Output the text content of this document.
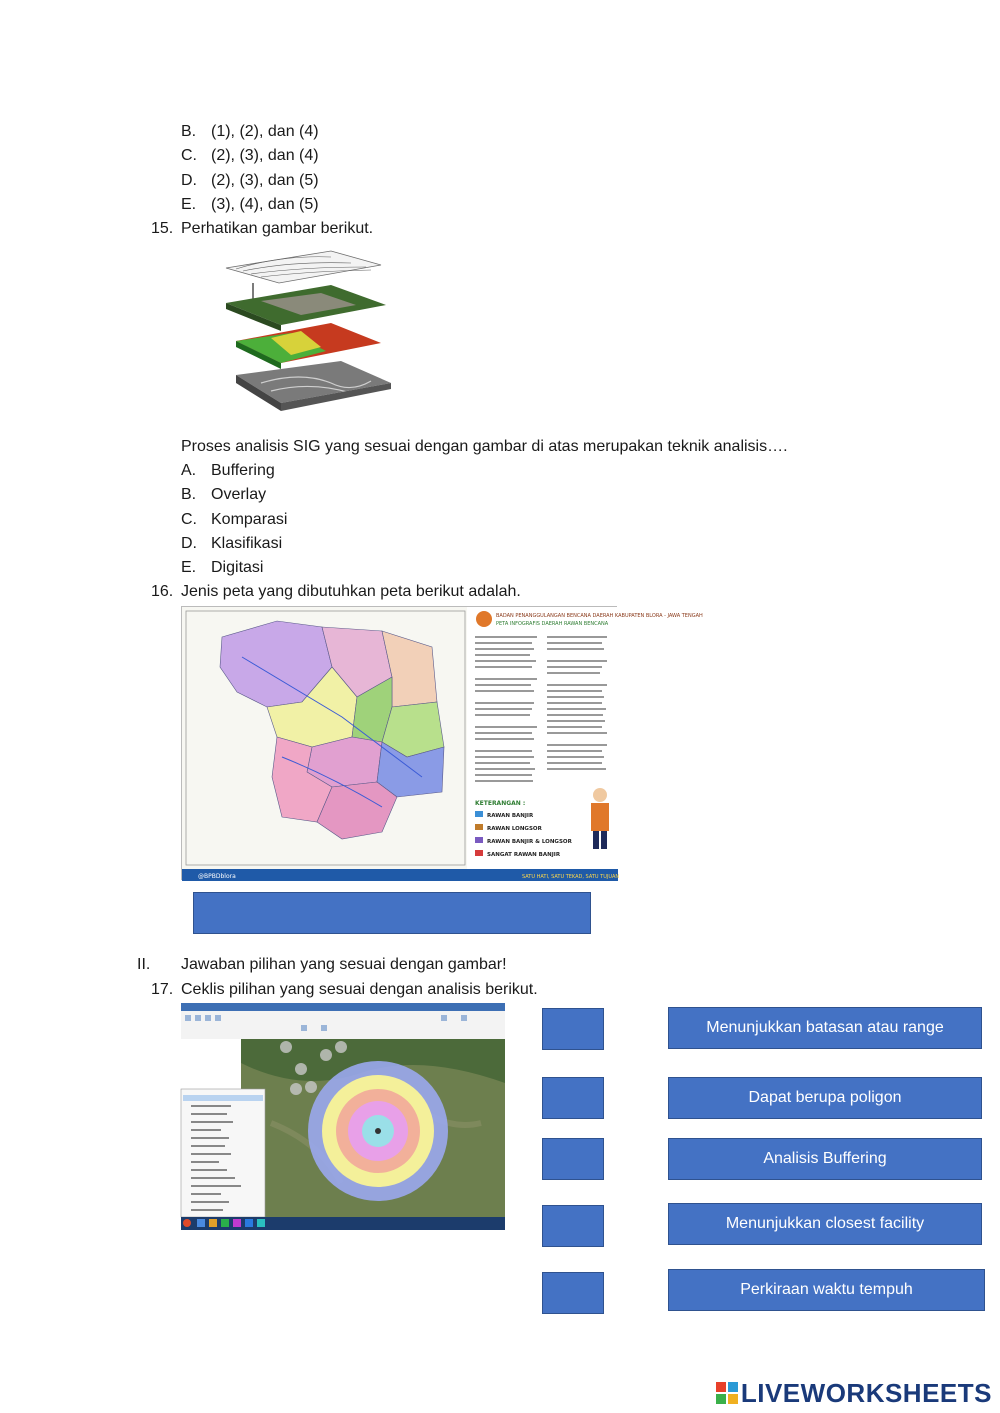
B. (1), (2), dan (4)
C. (2), (3), dan (4)
D. (2), (3), dan (5)
E. (3), (4), dan (5)
15. Perhatikan gambar berikut.
Proses analisis SIG yang sesuai dengan gambar di atas merupakan teknik analisis….
A. Buffering
B. Overlay
C. Komparasi
D. Klasifikasi
E. Digitasi
16. Jenis peta yang dibutuhkan peta berikut adalah.
BADAN PENANGGULANGAN BENCANA DAERAH KABUPATEN BLORA - JAWA TENGAH
PETA INFOGRAFIS DAERAH RAWAN BENCANA
KETERANGAN :
RAWAN BANJIR
RAWAN LONGSOR
RAWAN BANJIR & LONGSOR
SANGAT RAWAN BANJIR
@BPBDblora	SATU HATI, SATU TEKAD, SATU TUJUAN
II. Jawaban pilihan yang sesuai dengan gambar!
17. Ceklis pilihan yang sesuai dengan analisis berikut.
Menunjukkan batasan atau range
Dapat berupa poligon
Analisis Buffering
Menunjukkan closest facility
Perkiraan waktu tempuh
LIVEWORKSHEETS
